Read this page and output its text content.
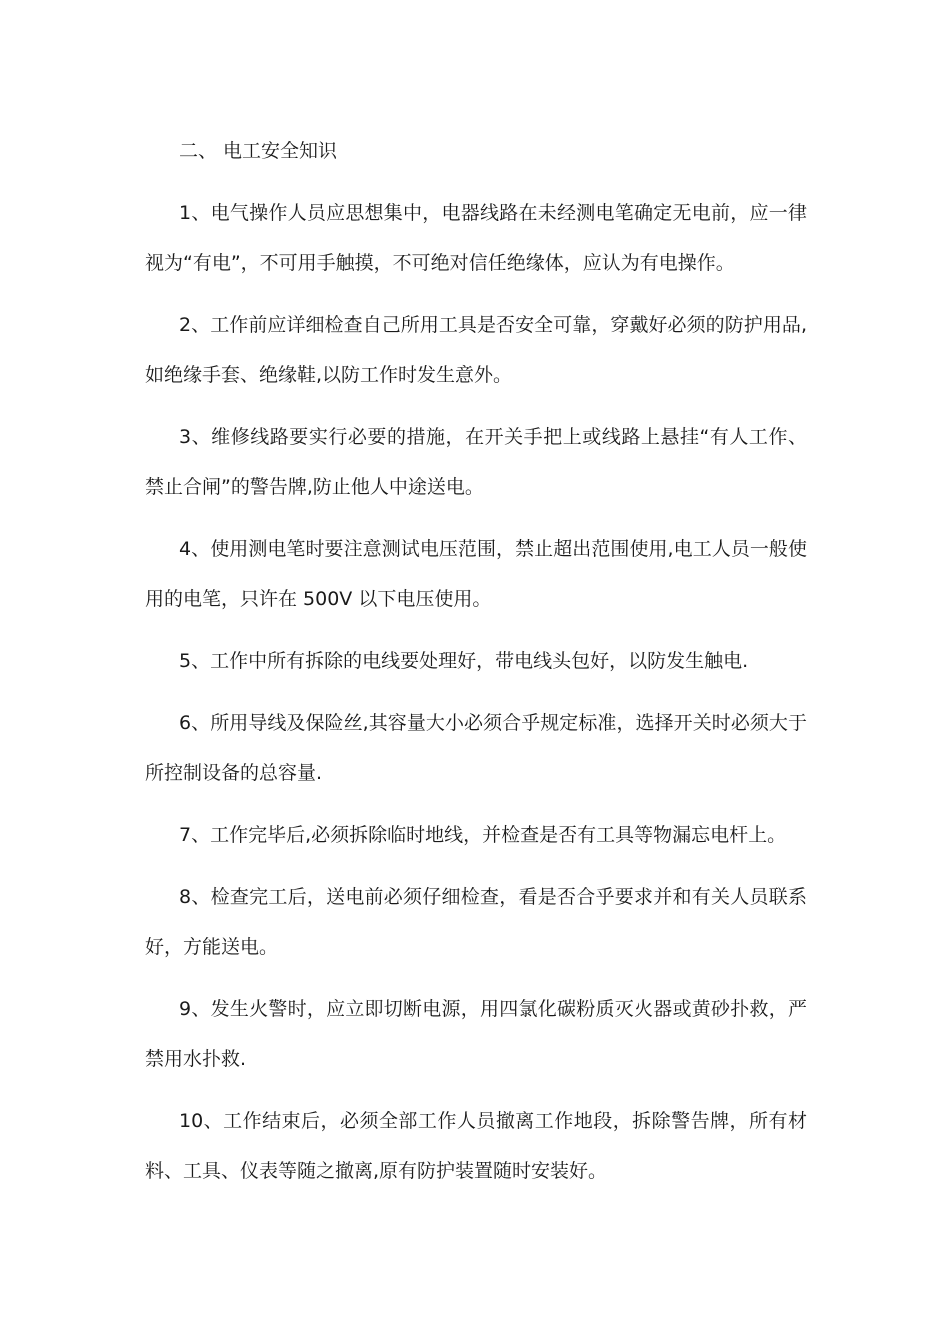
二、 电工安全知识

1、电气操作人员应思想集中，电器线路在未经测电笔确定无电前，应一律视为“有电”，不可用手触摸，不可绝对信任绝缘体，应认为有电操作。

2、工作前应详细检查自己所用工具是否安全可靠，穿戴好必须的防护用品,如绝缘手套、绝缘鞋,以防工作时发生意外。

3、维修线路要实行必要的措施，在开关手把上或线路上悬挂“有人工作、禁止合闸”的警告牌,防止他人中途送电。

4、使用测电笔时要注意测试电压范围，禁止超出范围使用,电工人员一般使用的电笔，只许在 500V 以下电压使用。

5、工作中所有拆除的电线要处理好，带电线头包好，以防发生触电.

6、所用导线及保险丝,其容量大小必须合乎规定标准，选择开关时必须大于所控制设备的总容量.

7、工作完毕后,必须拆除临时地线，并检查是否有工具等物漏忘电杆上。

8、检查完工后，送电前必须仔细检查，看是否合乎要求并和有关人员联系好，方能送电。

9、发生火警时，应立即切断电源，用四氯化碳粉质灭火器或黄砂扑救，严禁用水扑救.

10、工作结束后，必须全部工作人员撤离工作地段，拆除警告牌，所有材料、工具、仪表等随之撤离,原有防护装置随时安装好。
